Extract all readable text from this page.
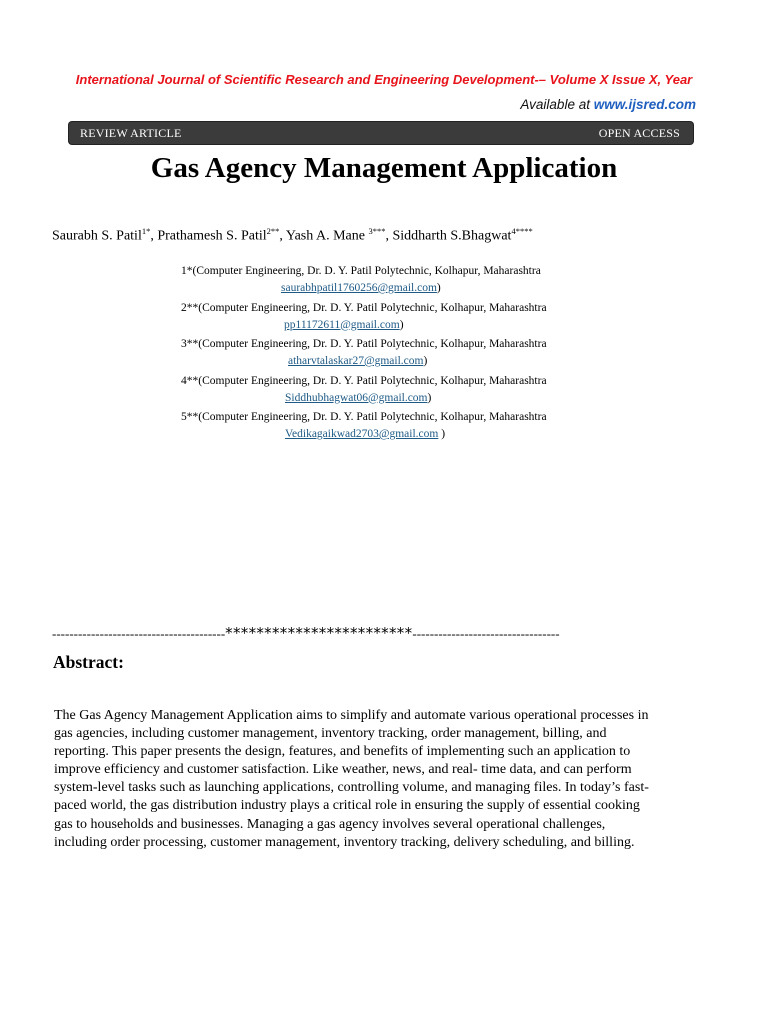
International Journal of Scientific Research and Engineering Development-– Volume X Issue X, Year
Available at www.ijsred.com
REVIEW ARTICLE	OPEN ACCESS
Gas Agency Management Application
Saurabh S. Patil$^{1*}$, Prathamesh S. Patil$^{2**}$, Yash A. Mane $^{3***}$, Siddharth S.Bhagwat$^{4****}$
1*(Computer Engineering, Dr. D. Y. Patil Polytechnic, Kolhapur, Maharashtra
saurabhpatil1760256@gmail.com)
2**(Computer Engineering, Dr. D. Y. Patil Polytechnic, Kolhapur, Maharashtra
pp11172611@gmail.com)
3**(Computer Engineering, Dr. D. Y. Patil Polytechnic, Kolhapur, Maharashtra
atharvtalaskar27@gmail.com)
4**(Computer Engineering, Dr. D. Y. Patil Polytechnic, Kolhapur, Maharashtra
Siddhubhagwat06@gmail.com)
5**(Computer Engineering, Dr. D. Y. Patil Polytechnic, Kolhapur, Maharashtra
Vedikagaikwad2703@gmail.com )
----------------------------------------************************----------------------------------
Abstract:
The Gas Agency Management Application aims to simplify and automate various operational processes in
gas agencies, including customer management, inventory tracking, order management, billing, and
reporting. This paper presents the design, features, and benefits of implementing such an application to
improve efficiency and customer satisfaction. Like weather, news, and real- time data, and can perform
system-level tasks such as launching applications, controlling volume, and managing files. In today’s fast-
paced world, the gas distribution industry plays a critical role in ensuring the supply of essential cooking
gas to households and businesses. Managing a gas agency involves several operational challenges,
including order processing, customer management, inventory tracking, delivery scheduling, and billing.
